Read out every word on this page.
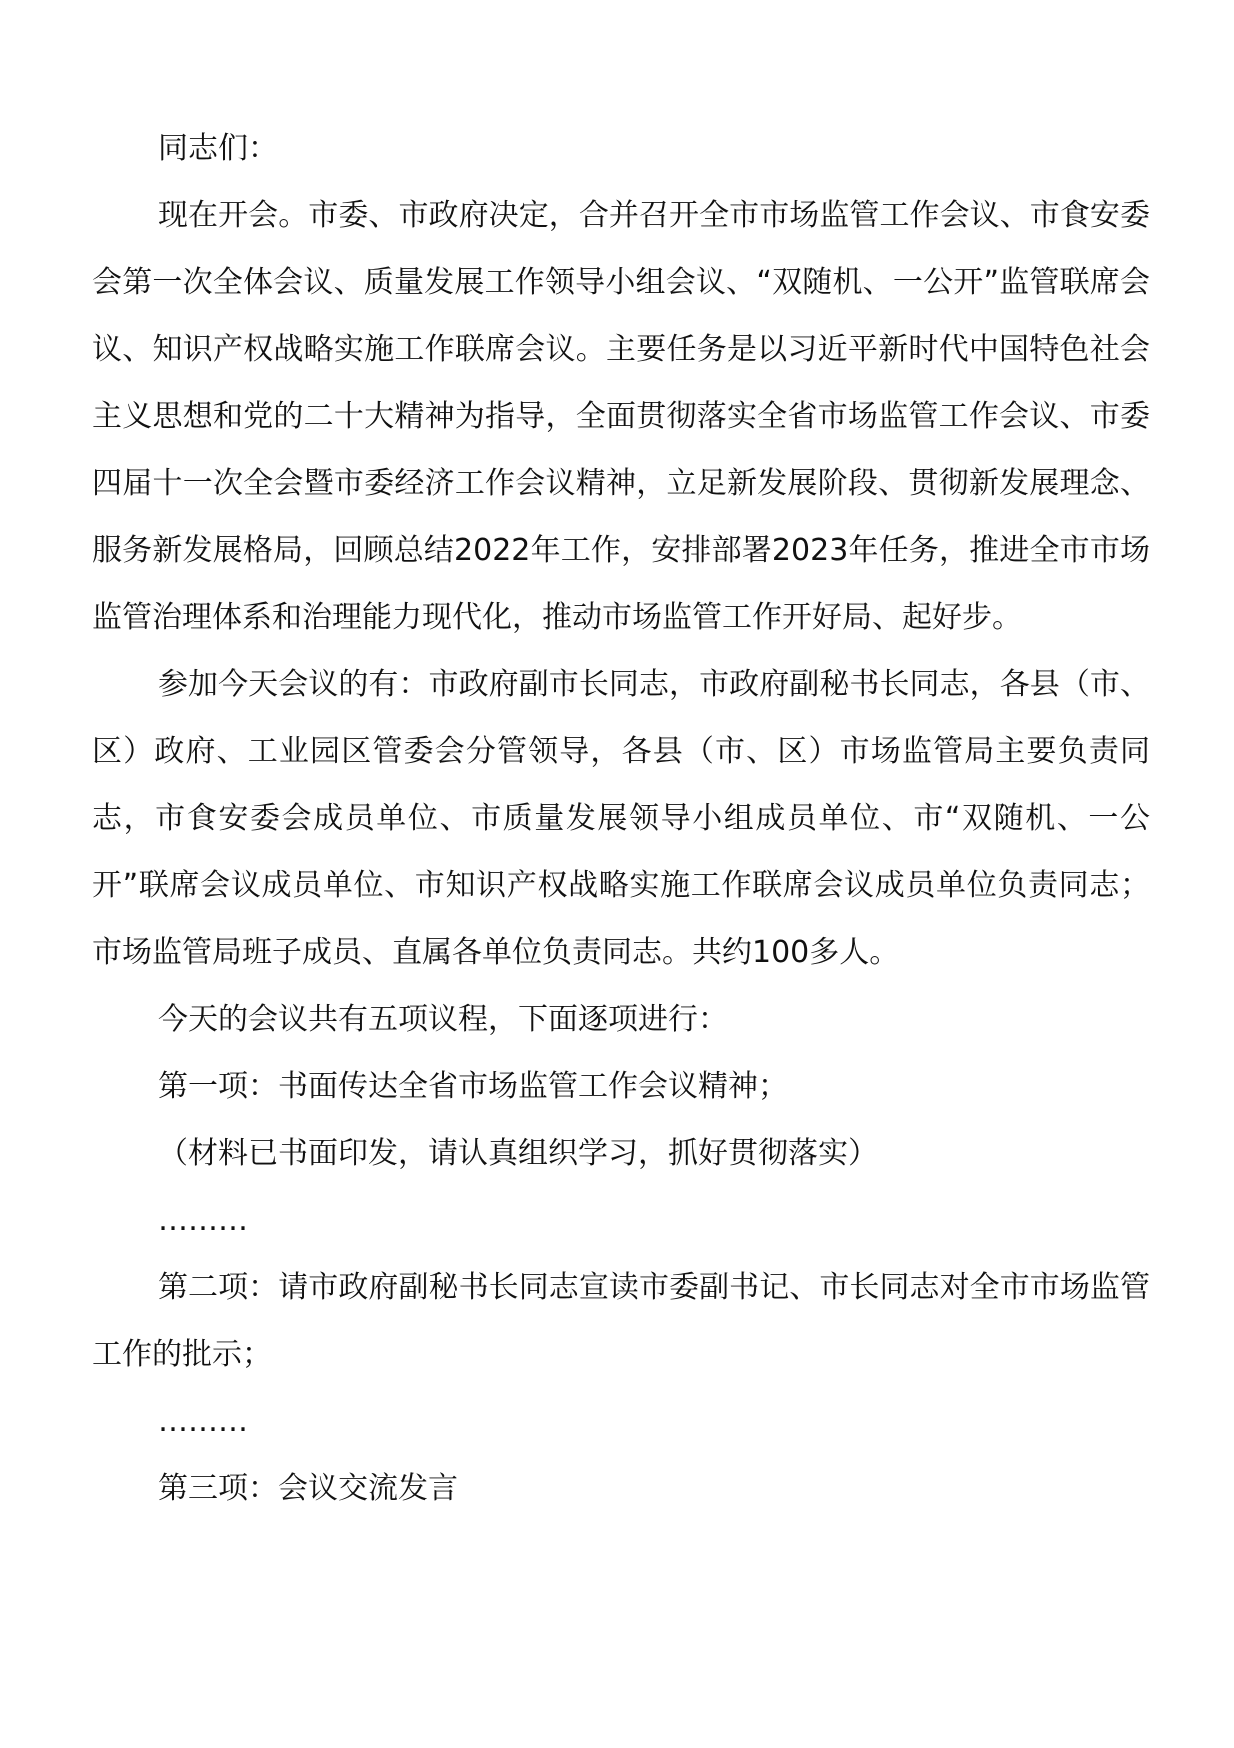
同志们：

现在开会。市委、市政府决定，合并召开全市市场监管工作会议、市食安委会第一次全体会议、质量发展工作领导小组会议、“双随机、一公开”监管联席会议、知识产权战略实施工作联席会议。主要任务是以习近平新时代中国特色社会主义思想和党的二十大精神为指导，全面贯彻落实全省市场监管工作会议、市委四届十一次全会暨市委经济工作会议精神，立足新发展阶段、贯彻新发展理念、服务新发展格局，回顾总结2022年工作，安排部署2023年任务，推进全市市场监管治理体系和治理能力现代化，推动市场监管工作开好局、起好步。

参加今天会议的有：市政府副市长同志，市政府副秘书长同志，各县（市、区）政府、工业园区管委会分管领导，各县（市、区）市场监管局主要负责同志，市食安委会成员单位、市质量发展领导小组成员单位、市“双随机、一公开”联席会议成员单位、市知识产权战略实施工作联席会议成员单位负责同志；市场监管局班子成员、直属各单位负责同志。共约100多人。

今天的会议共有五项议程，下面逐项进行：

第一项：书面传达全省市场监管工作会议精神；

（材料已书面印发，请认真组织学习，抓好贯彻落实）

………

第二项：请市政府副秘书长同志宣读市委副书记、市长同志对全市市场监管工作的批示；

………

第三项：会议交流发言
